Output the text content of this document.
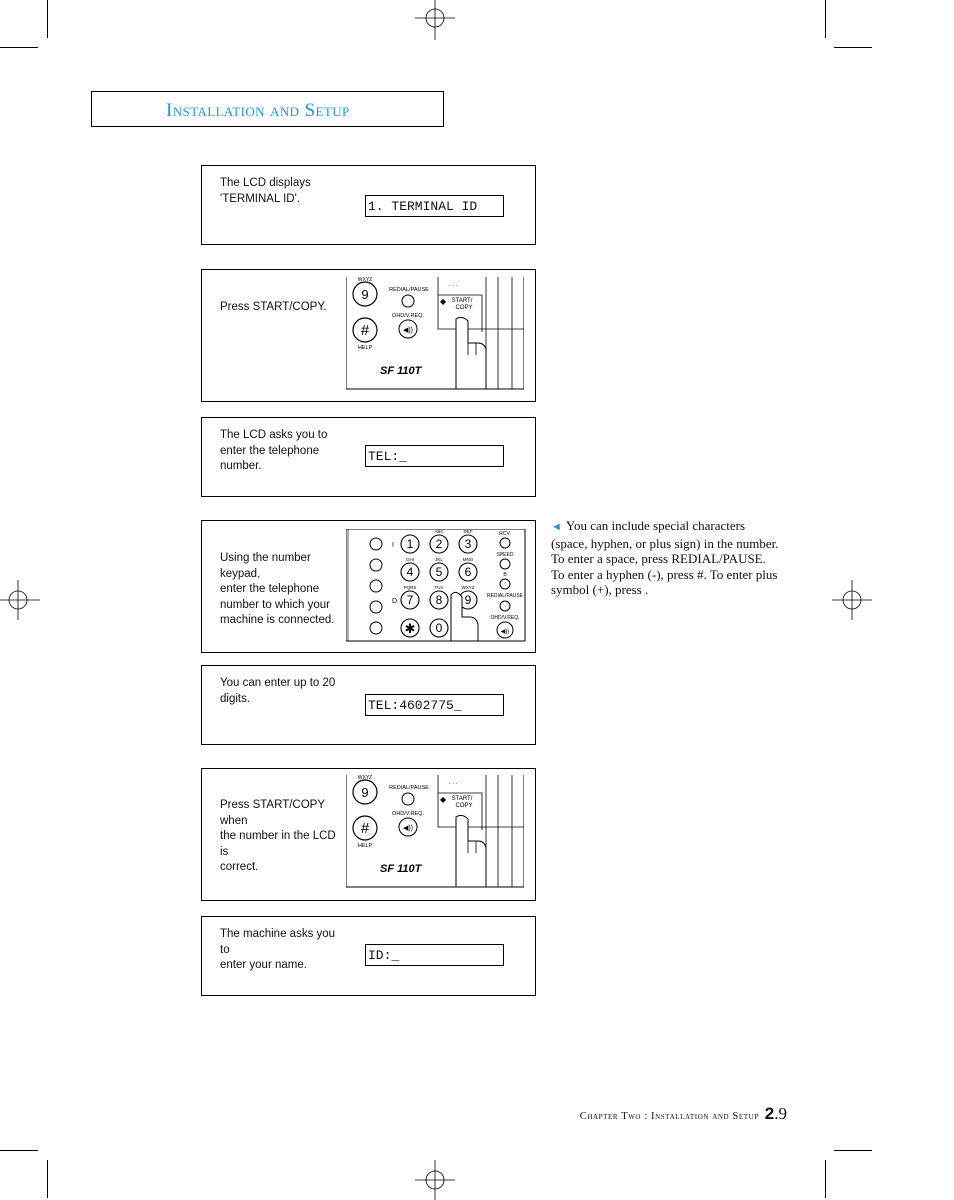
Installation and Setup
The LCD displays
'TERMINAL ID'.
1. TERMINAL ID
Press START/COPY.
9
WXYZ
#
HELP
REDIAL/PAUSE
OHD/V.REQ.
◀))
. . .
START/
COPY
◆
SF 110T
The LCD asks you to
enter the telephone
number.
TEL:_
Using the number keypad,
enter the telephone
number to which your
machine is connected.
I
D
ABC	DEF
GHI	JKL	MNO
PQRS	TUV	WXYZ
1 2 3
4 5 6
7 8 9
0
✱
RCV.
SPEED
B
REDIAL/PAUSE
OHD/V.REQ.
◀))
You can enter up to 20
digits.	TEL:4602775_
Press START/COPY when
the number in the LCD is
correct.
9
WXYZ
#
HELP
REDIAL/PAUSE
OHD/V.REQ.
◀))
. . .
START/
COPY
◆
SF 110T
The machine asks you to
enter your name.
ID:_
◄ You can include special characters (space, hyphen, or plus sign) in the number. To enter a space, press REDIAL/PAUSE. To enter a hyphen (-), press #. To enter plus symbol (+), press .
Chapter Two : Installation and Setup 2.9
